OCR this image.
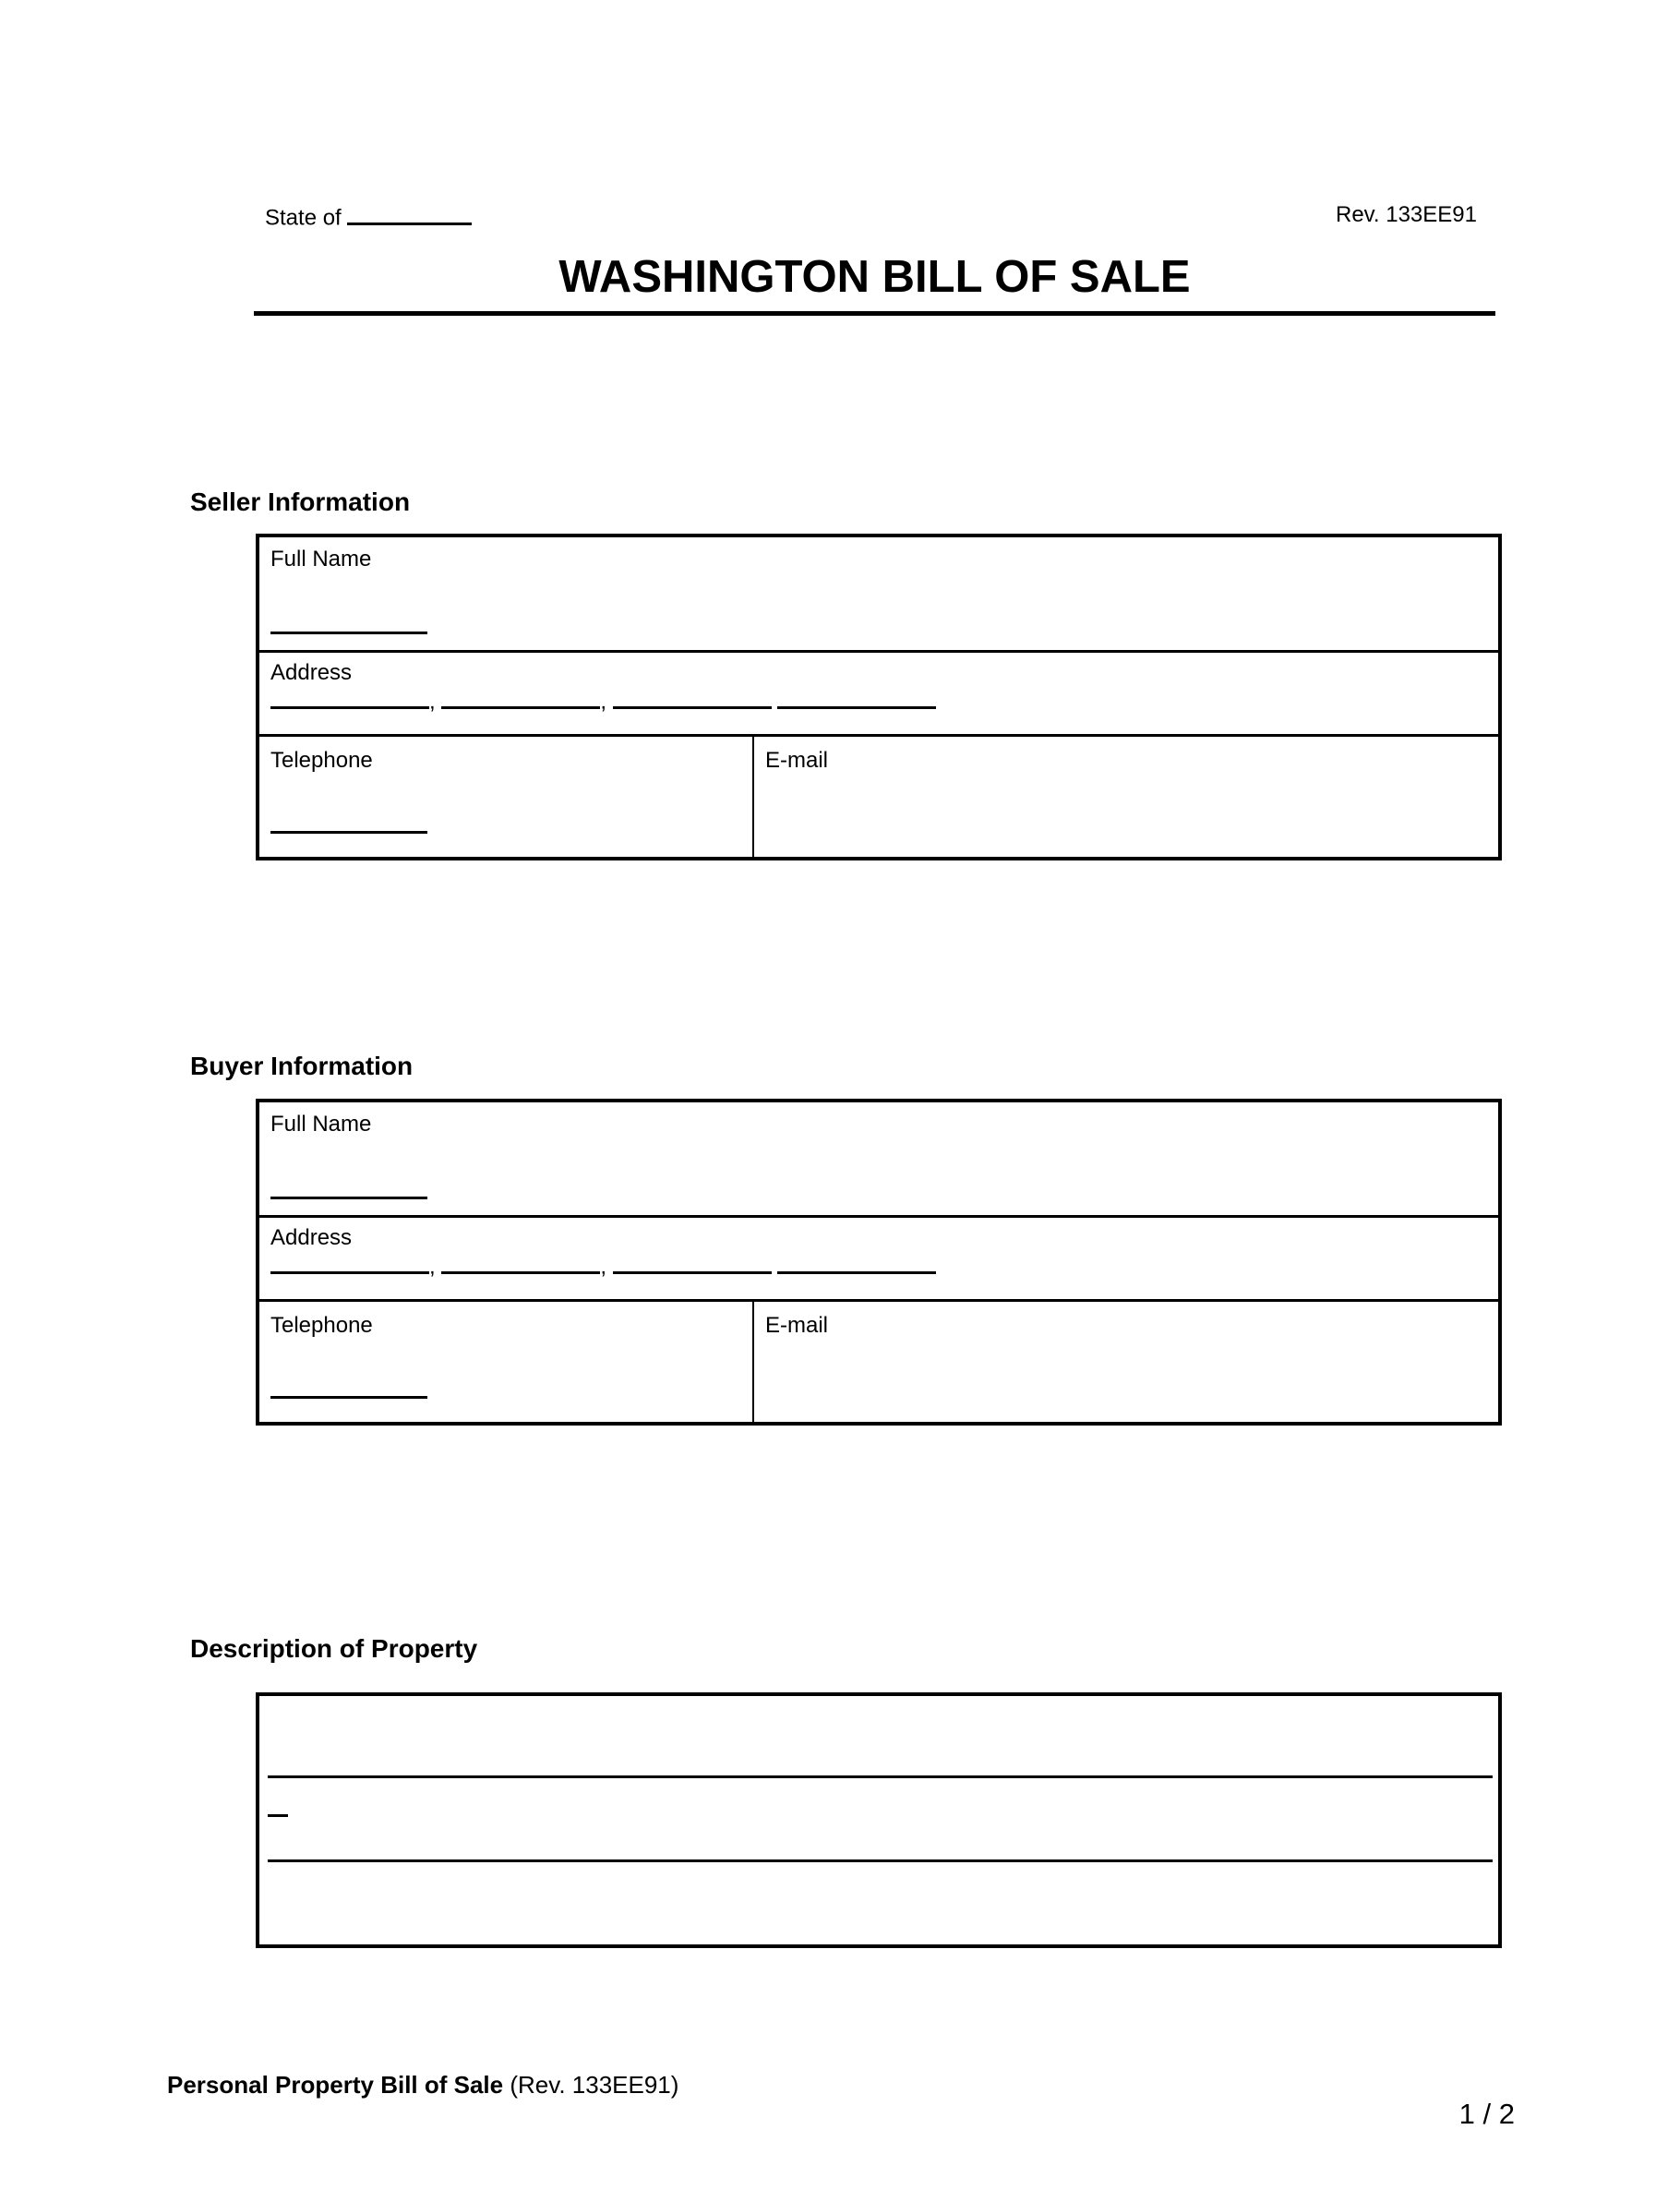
State of	Rev. 133EE91
WASHINGTON BILL OF SALE
Seller Information
Full Name
Address
,	,
Telephone	E-mail
Buyer Information
Full Name
Address
,	,
Telephone	E-mail
Description of Property
Personal Property Bill of Sale (Rev. 133EE91)
1 / 2
